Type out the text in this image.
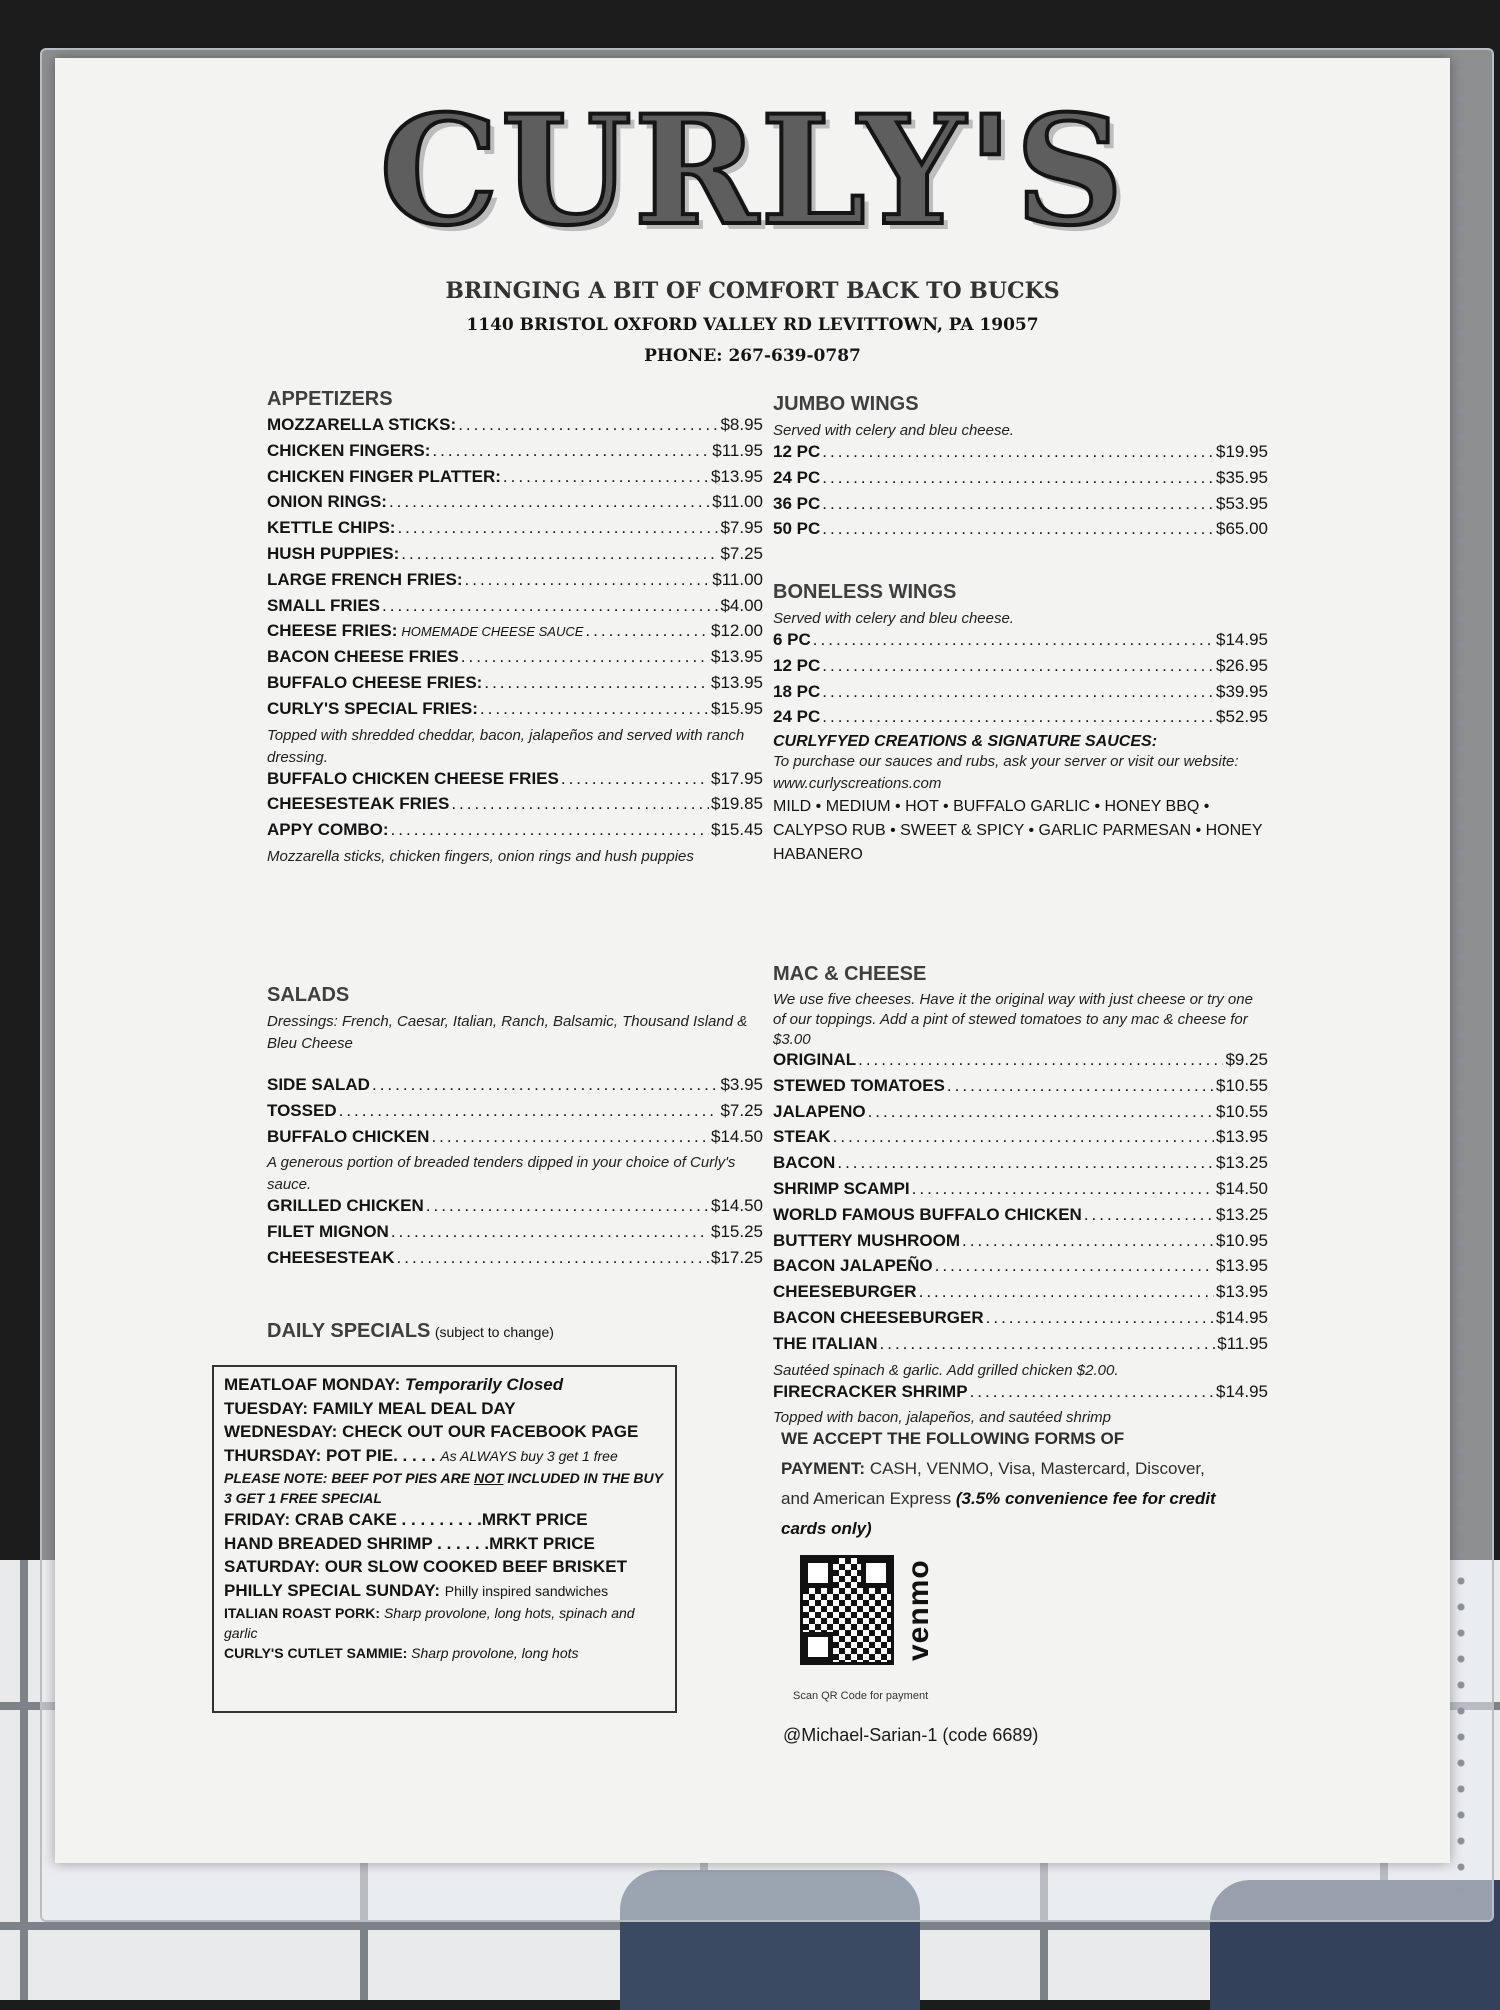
CURLY'S
BRINGING A BIT OF COMFORT BACK TO BUCKS
1140 BRISTOL OXFORD VALLEY RD LEVITTOWN, PA 19057
PHONE: 267-639-0787
APPETIZERS
MOZZARELLA STICKS: .....	$8.95
CHICKEN FINGERS: .....	$11.95
CHICKEN FINGER PLATTER: .....	$13.95
ONION RINGS: .....	$11.00
KETTLE CHIPS: .....	$7.95
HUSH PUPPIES: .....	$7.25
LARGE FRENCH FRIES: .....	$11.00
SMALL FRIES .....	$4.00
CHEESE FRIES: HOMEMADE CHEESE SAUCE .....	$12.00
BACON CHEESE FRIES .....	$13.95
BUFFALO CHEESE FRIES: .....	$13.95
CURLY'S SPECIAL FRIES: .....	$15.95
Topped with shredded cheddar, bacon, jalapeños and served with ranch dressing.
BUFFALO CHICKEN CHEESE FRIES .....	$17.95
CHEESESTEAK FRIES .....	$19.85
APPY COMBO: .....	$15.45
Mozzarella sticks, chicken fingers, onion rings and hush puppies
SALADS
Dressings: French, Caesar, Italian, Ranch, Balsamic, Thousand Island & Bleu Cheese
SIDE SALAD .....	$3.95
TOSSED .....	$7.25
BUFFALO CHICKEN .....	$14.50
A generous portion of breaded tenders dipped in your choice of Curly's sauce.
GRILLED CHICKEN .....	$14.50
FILET MIGNON .....	$15.25
CHEESESTEAK .....	$17.25
DAILY SPECIALS (subject to change)
MEATLOAF MONDAY: Temporarily Closed
TUESDAY: FAMILY MEAL DEAL DAY
WEDNESDAY: CHECK OUT OUR FACEBOOK PAGE
THURSDAY: POT PIE. . . . . As ALWAYS buy 3 get 1 free
PLEASE NOTE: BEEF POT PIES ARE NOT INCLUDED IN THE BUY 3 GET 1 FREE SPECIAL
FRIDAY: CRAB CAKE . . . . . . . . .MRKT PRICE
HAND BREADED SHRIMP . . . . . .MRKT PRICE
SATURDAY: OUR SLOW COOKED BEEF BRISKET
PHILLY SPECIAL SUNDAY: Philly inspired sandwiches
ITALIAN ROAST PORK: Sharp provolone, long hots, spinach and garlic
CURLY'S CUTLET SAMMIE: Sharp provolone, long hots
JUMBO WINGS
Served with celery and bleu cheese.
12 PC .....	$19.95
24 PC .....	$35.95
36 PC .....	$53.95
50 PC .....	$65.00
BONELESS WINGS
Served with celery and bleu cheese.
6 PC .....	$14.95
12 PC .....	$26.95
18 PC .....	$39.95
24 PC .....	$52.95
CURLYFYED CREATIONS & SIGNATURE SAUCES:
To purchase our sauces and rubs, ask your server or visit our website: www.curlyscreations.com
MILD • MEDIUM • HOT • BUFFALO GARLIC • HONEY BBQ • CALYPSO RUB • SWEET & SPICY • GARLIC PARMESAN • HONEY HABANERO
MAC & CHEESE
We use five cheeses. Have it the original way with just cheese or try one of our toppings. Add a pint of stewed tomatoes to any mac & cheese for $3.00
ORIGINAL .....	$9.25
STEWED TOMATOES .....	$10.55
JALAPENO .....	$10.55
STEAK .....	$13.95
BACON .....	$13.25
SHRIMP SCAMPI .....	$14.50
WORLD FAMOUS BUFFALO CHICKEN .....	$13.25
BUTTERY MUSHROOM .....	$10.95
BACON JALAPEÑO .....	$13.95
CHEESEBURGER .....	$13.95
BACON CHEESEBURGER .....	$14.95
THE ITALIAN .....	$11.95
Sautéed spinach & garlic. Add grilled chicken $2.00.
FIRECRACKER SHRIMP .....	$14.95
Topped with bacon, jalapeños, and sautéed shrimp
WE ACCEPT THE FOLLOWING FORMS OF
PAYMENT: CASH, VENMO, Visa, Mastercard, Discover, and American Express (3.5% convenience fee for credit cards only)
venmo
Scan QR Code for payment
@Michael-Sarian-1 (code 6689)
